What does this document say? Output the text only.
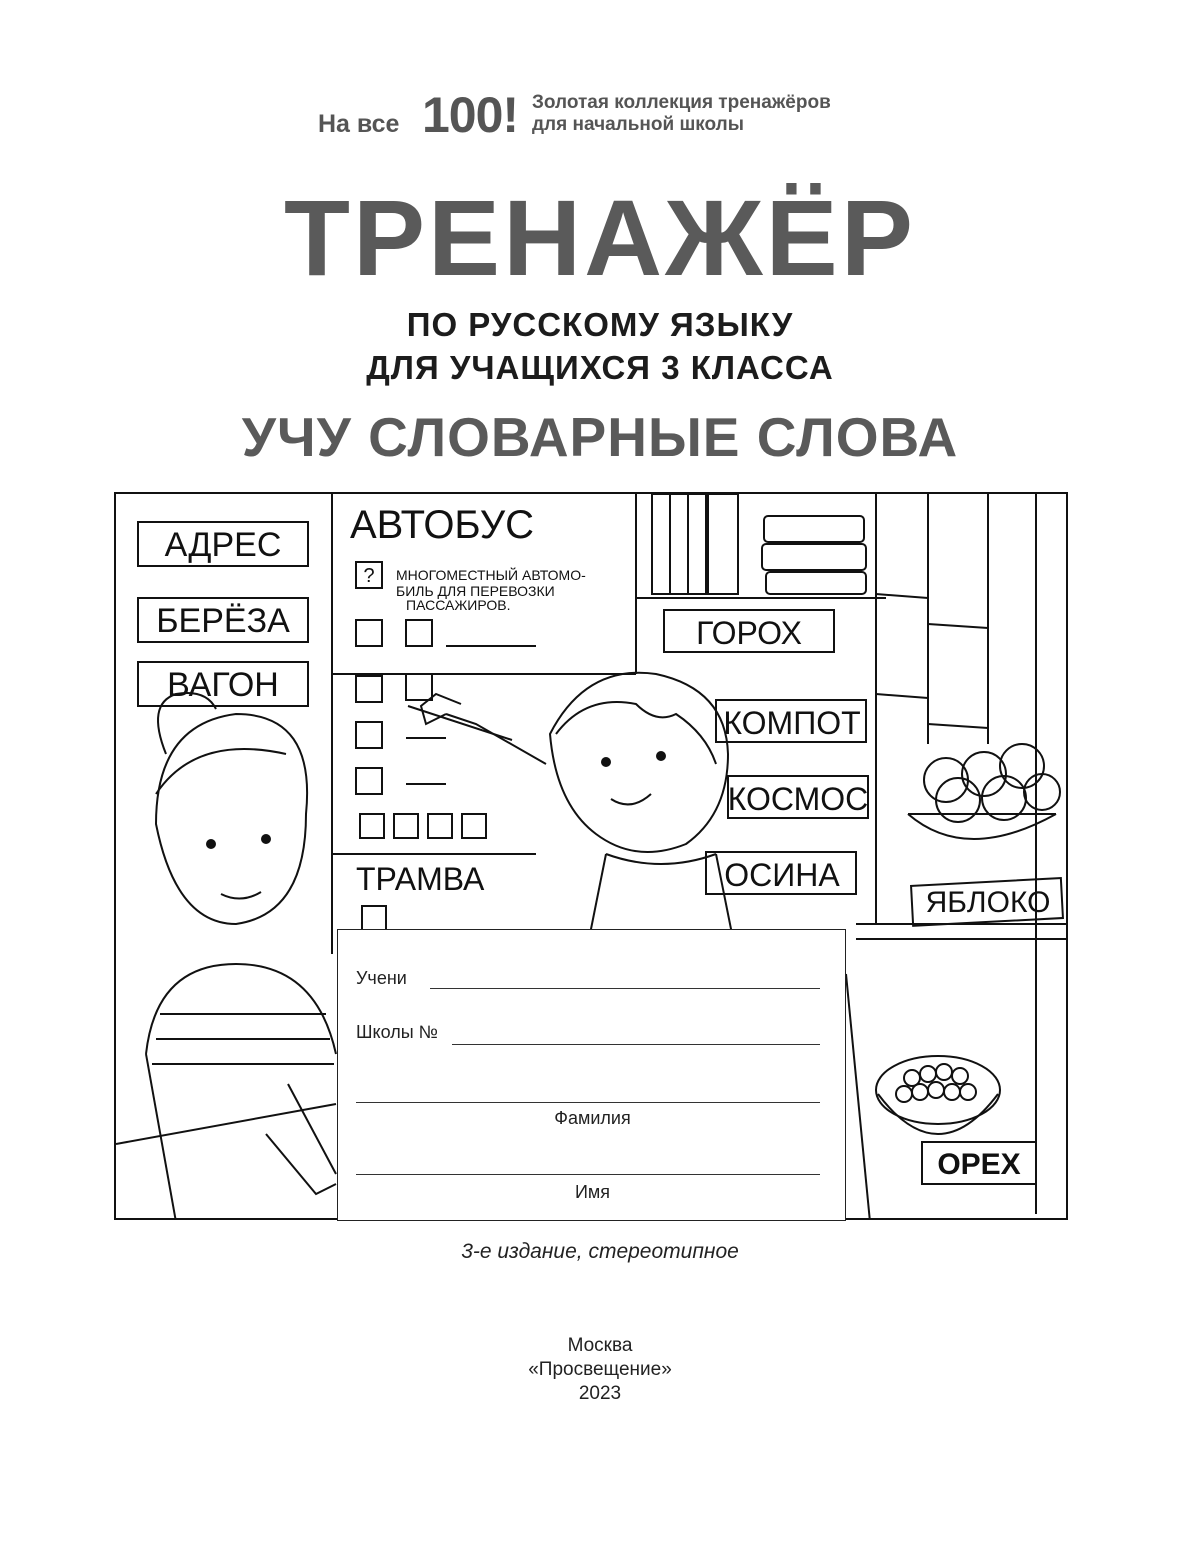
На все 100! Золотая коллекция тренажёров
для начальной школы
ТРЕНАЖЁР
ПО РУССКОМУ ЯЗЫКУ
ДЛЯ УЧАЩИХСЯ 3 КЛАССА
УЧУ СЛОВАРНЫЕ СЛОВА
АДРЕС
БЕРЁЗА
ВАГОН
АВТОБУС
? МНОГОМЕСТНЫЙ АВТОМО-
БИЛЬ ДЛЯ ПЕРЕВОЗКИ
ПАССАЖИРОВ.
ТРАМВА
ГОРОХ
КОМПОТ
КОСМОС
ОСИНА
ЯБЛОКО
ОРЕХ
Учени
Школы №
Фамилия
Имя
3-е издание, стереотипное
Москва
«Просвещение»
2023
